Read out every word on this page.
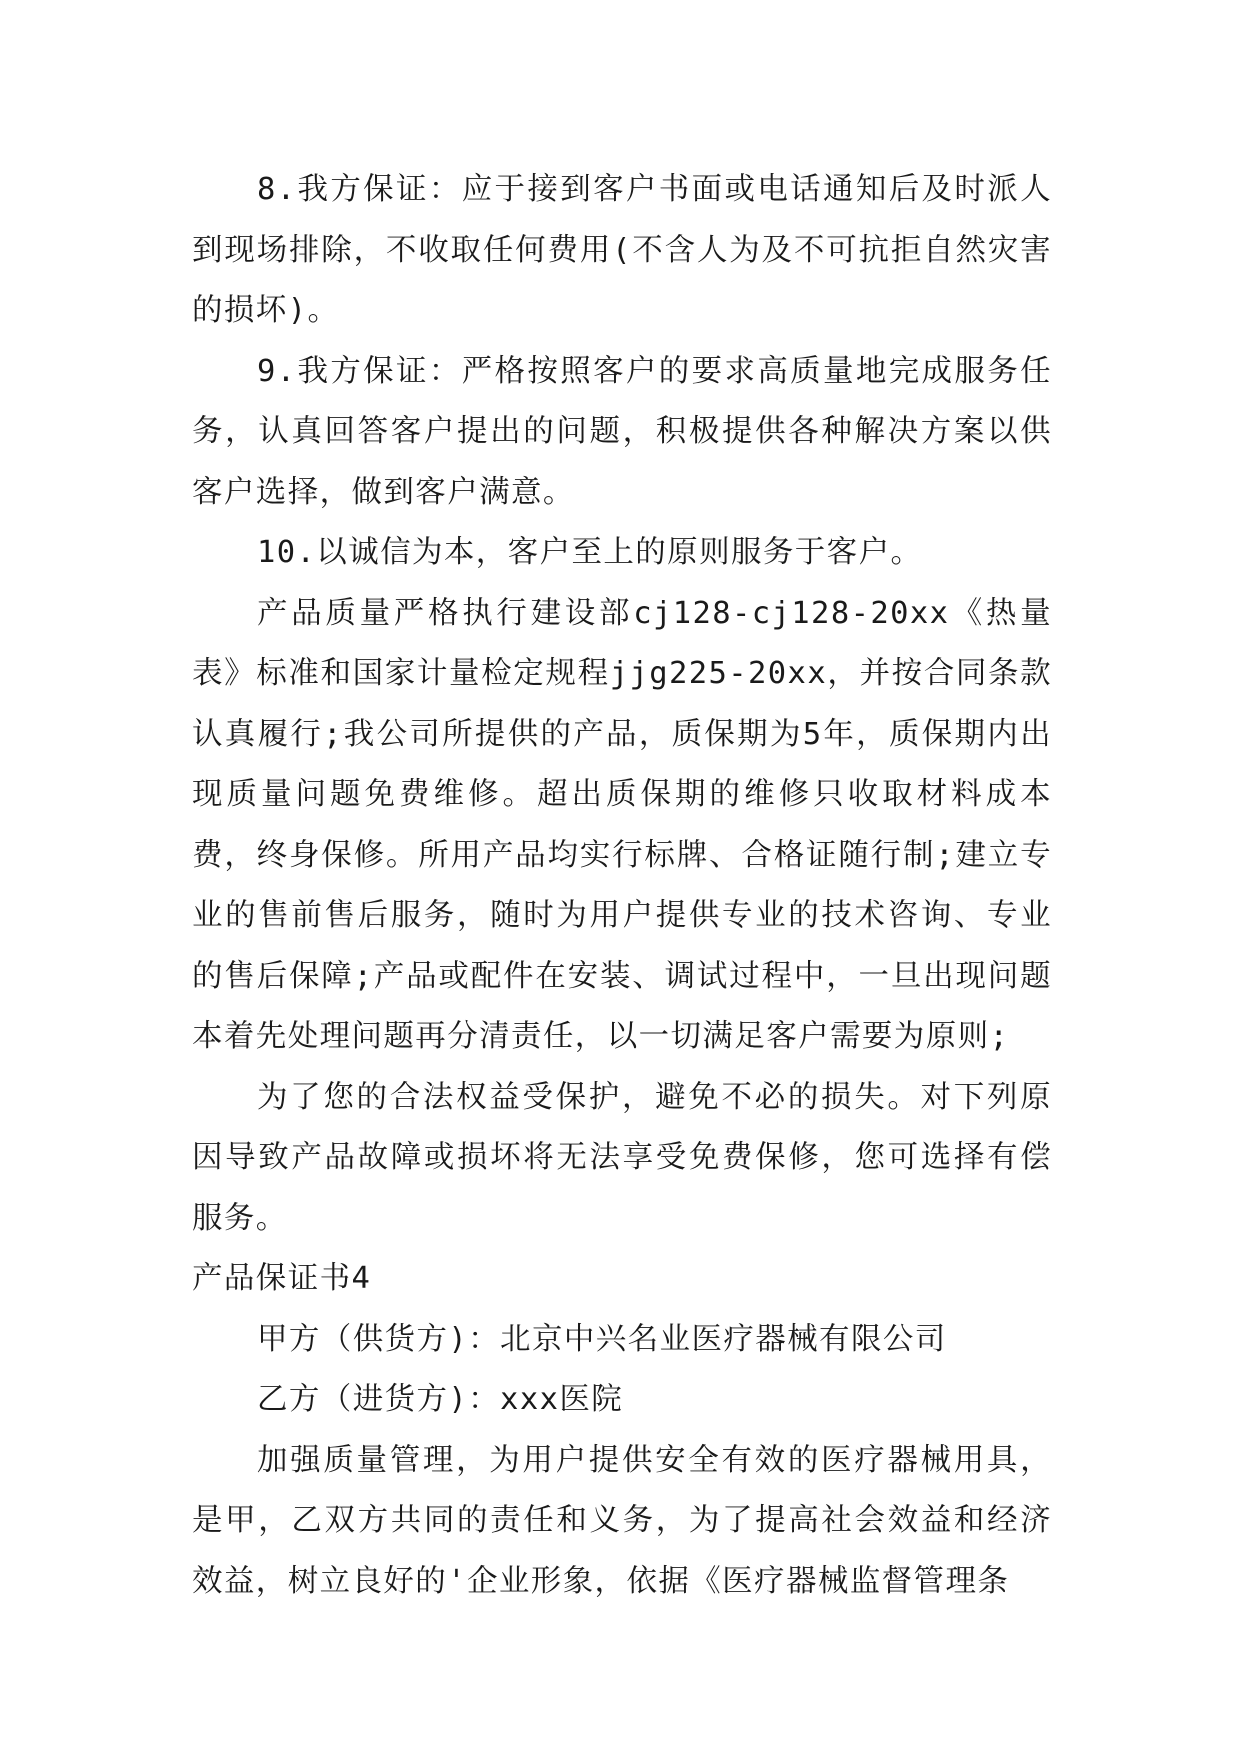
8.我方保证：应于接到客户书面或电话通知后及时派人到现场排除，不收取任何费用(不含人为及不可抗拒自然灾害的损坏)。

9.我方保证：严格按照客户的要求高质量地完成服务任务，认真回答客户提出的问题，积极提供各种解决方案以供客户选择，做到客户满意。

10.以诚信为本，客户至上的原则服务于客户。

产品质量严格执行建设部cj128-cj128-20xx《热量表》标准和国家计量检定规程jjg225-20xx，并按合同条款认真履行;我公司所提供的产品，质保期为5年，质保期内出现质量问题免费维修。超出质保期的维修只收取材料成本费，终身保修。所用产品均实行标牌、合格证随行制;建立专业的售前售后服务，随时为用户提供专业的技术咨询、专业的售后保障;产品或配件在安装、调试过程中，一旦出现问题本着先处理问题再分清责任，以一切满足客户需要为原则;

为了您的合法权益受保护，避免不必的损失。对下列原因导致产品故障或损坏将无法享受免费保修，您可选择有偿服务。

产品保证书4

甲方（供货方)：北京中兴名业医疗器械有限公司

乙方（进货方)：xxx医院

加强质量管理，为用户提供安全有效的医疗器械用具，是甲，乙双方共同的责任和义务，为了提高社会效益和经济效益，树立良好的'企业形象，依据《医疗器械监督管理条
